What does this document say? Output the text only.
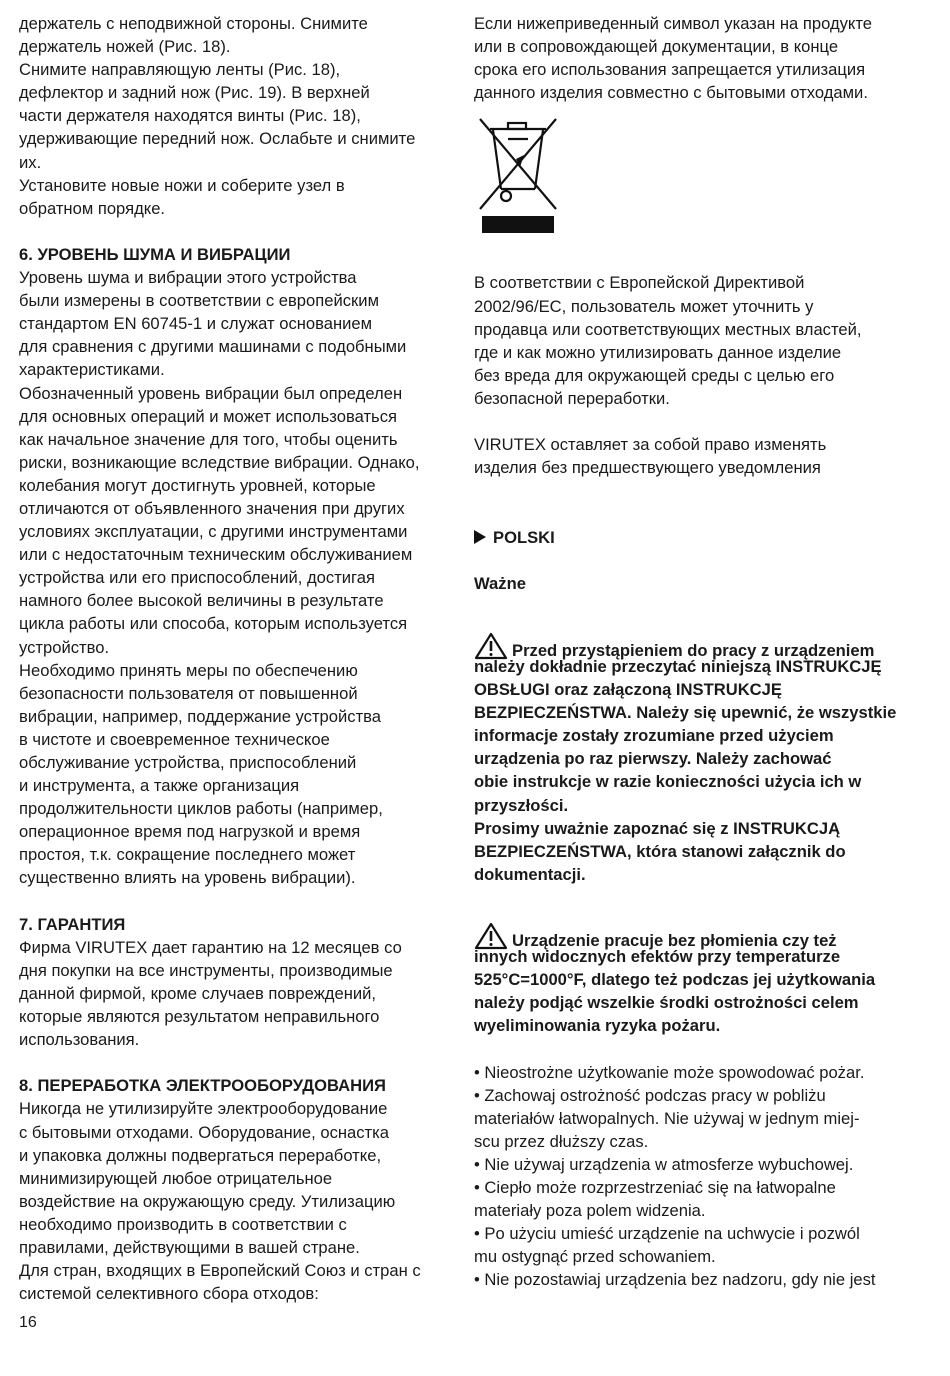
держатель с неподвижной стороны. Снимите
держатель ножей (Рис. 18).
Снимите направляющую ленты (Рис. 18),
дефлектор и задний нож (Рис. 19). В верхней
части держателя находятся винты (Рис. 18),
удерживающие передний нож. Ослабьте и снимите
их.
Установите новые ножи и соберите узел в
обратном порядке.
6. УРОВЕНЬ ШУМА И ВИБРАЦИИ
Уровень шума и вибрации этого устройства
были измерены в соответствии с европейским
стандартом EN 60745-1 и служат основанием
для сравнения с другими машинами с подобными
характеристиками.
Обозначенный уровень вибрации был определен
для основных операций и может использоваться
как начальное значение для того, чтобы оценить
риски, возникающие вследствие вибрации. Однако,
колебания могут достигнуть уровней, которые
отличаются от объявленного значения при других
условиях эксплуатации, с другими инструментами
или с недостаточным техническим обслуживанием
устройства или его приспособлений, достигая
намного более высокой величины в результате
цикла работы или способа, которым используется
устройство.
Необходимо принять меры по обеспечению
безопасности пользователя от повышенной
вибрации, например, поддержание устройства
в чистоте и своевременное техническое
обслуживание устройства, приспособлений
и инструмента, а также организация
продолжительности циклов работы (например,
операционное время под нагрузкой и время
простоя, т.к. сокращение последнего может
существенно влиять на уровень вибрации).
7. ГАРАНТИЯ
Фирма VIRUTEX дает гарантию на 12 месяцев со
дня покупки на все инструменты, производимые
данной фирмой, кроме случаев повреждений,
которые являются результатом неправильного
использования.
8. ПЕРЕРАБОТКА ЭЛЕКТРООБОРУДОВАНИЯ
Никогда не утилизируйте электрооборудование
с бытовыми отходами. Оборудование, оснастка
и упаковка должны подвергаться переработке,
минимизирующей любое отрицательное
воздействие на окружающую среду. Утилизацию
необходимо производить в соответствии с
правилами, действующими в вашей стране.
Для стран, входящих в Европейский Союз и стран с
системой селективного сбора отходов:
Если нижеприведенный символ указан на продукте
или в сопровождающей документации, в конце
срока его использования запрещается утилизация
данного изделия совместно с бытовыми отходами.
В соответствии с Европейской Директивой
2002/96/EC, пользователь может уточнить у
продавца или соответствующих местных властей,
где и как можно утилизировать данное изделие
без вреда для окружающей среды с целью его
безопасной переработки.
VIRUTEX оставляет за собой право изменять
изделия без предшествующего уведомления
POLSKI
Ważne
Przed przystąpieniem do pracy z urządzeniem
należy dokładnie przeczytać niniejszą INSTRUKCJĘ
OBSŁUGI oraz załączoną INSTRUKCJĘ
BEZPIECZEŃSTWA. Należy się upewnić, że wszystkie
informacje zostały zrozumiane przed użyciem
urządzenia po raz pierwszy. Należy zachować
obie instrukcje w razie konieczności użycia ich w
przyszłości.
Prosimy uważnie zapoznać się z INSTRUKCJĄ
BEZPIECZEŃSTWA, która stanowi załącznik do
dokumentacji.
Urządzenie pracuje bez płomienia czy też
innych widocznych efektów przy temperaturze
525°C=1000°F, dlatego też podczas jej użytkowania
należy podjąć wszelkie środki ostrożności celem
wyeliminowania ryzyka pożaru.
• Nieostrożne użytkowanie może spowodować pożar.
• Zachowaj ostrożność podczas pracy w pobliżu
materiałów łatwopalnych. Nie używaj w jednym miej-
scu przez dłuższy czas.
• Nie używaj urządzenia w atmosferze wybuchowej.
• Ciepło może rozprzestrzeniać się na łatwopalne
materiały poza polem widzenia.
• Po użyciu umieść urządzenie na uchwycie i pozwól
mu ostygnąć przed schowaniem.
• Nie pozostawiaj urządzenia bez nadzoru, gdy nie jest
16
